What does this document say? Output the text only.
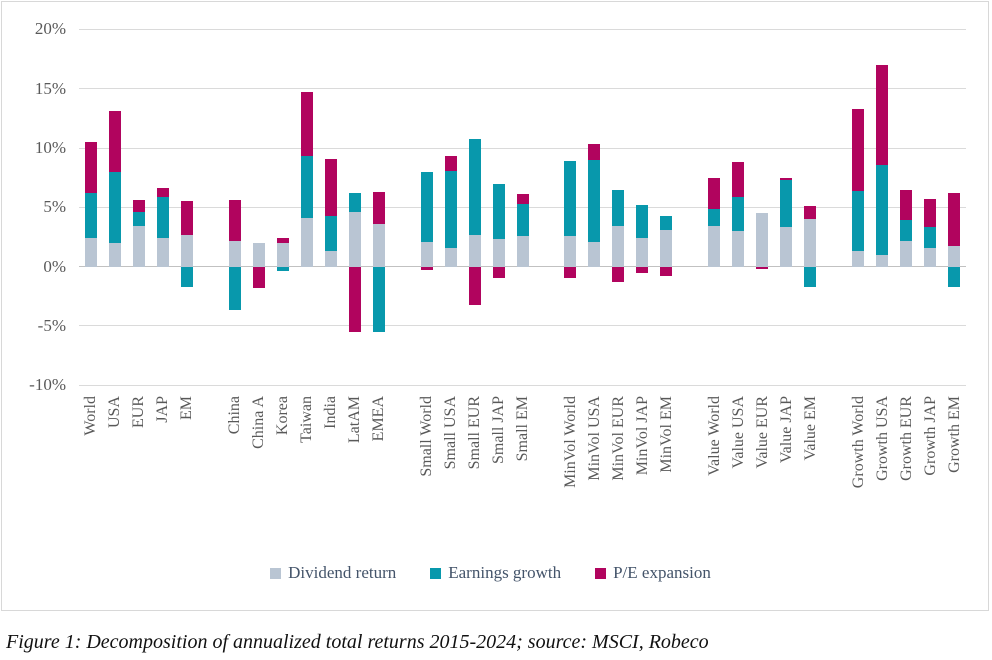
20%
15%
10%
5%
0%
-5%
-10%
World USA EUR JAP EM China China A Korea Taiwan India LatAM EMEA Small World Small USA Small EUR Small JAP Small EM MinVol World MinVol USA MinVol EUR MinVol JAP MinVol EM Value World Value USA Value EUR Value JAP Value EM Growth World Growth USA Growth EUR Growth JAP Growth EM
Dividend return	Earnings growth	P/E expansion
Figure 1: Decomposition of annualized total returns 2015-2024; source: MSCI, Robeco
